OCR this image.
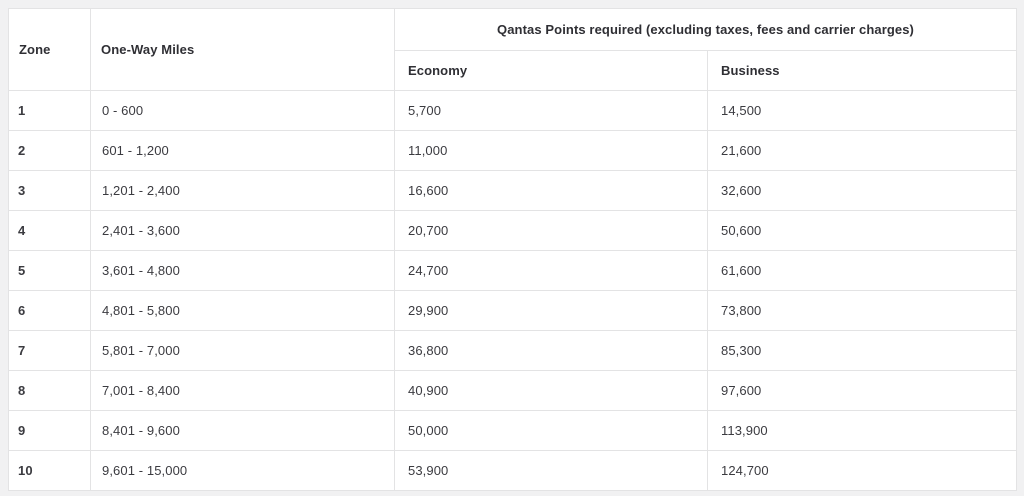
Zone	One-Way Miles	Qantas Points required (excluding taxes, fees and carrier charges)	
		Economy	Business
1	0 - 600	5,700	14,500
2	601 - 1,200	11,000	21,600
3	1,201 - 2,400	16,600	32,600
4	2,401 - 3,600	20,700	50,600
5	3,601 - 4,800	24,700	61,600
6	4,801 - 5,800	29,900	73,800
7	5,801 - 7,000	36,800	85,300
8	7,001 - 8,400	40,900	97,600
9	8,401 - 9,600	50,000	113,900
10	9,601 - 15,000	53,900	124,700
